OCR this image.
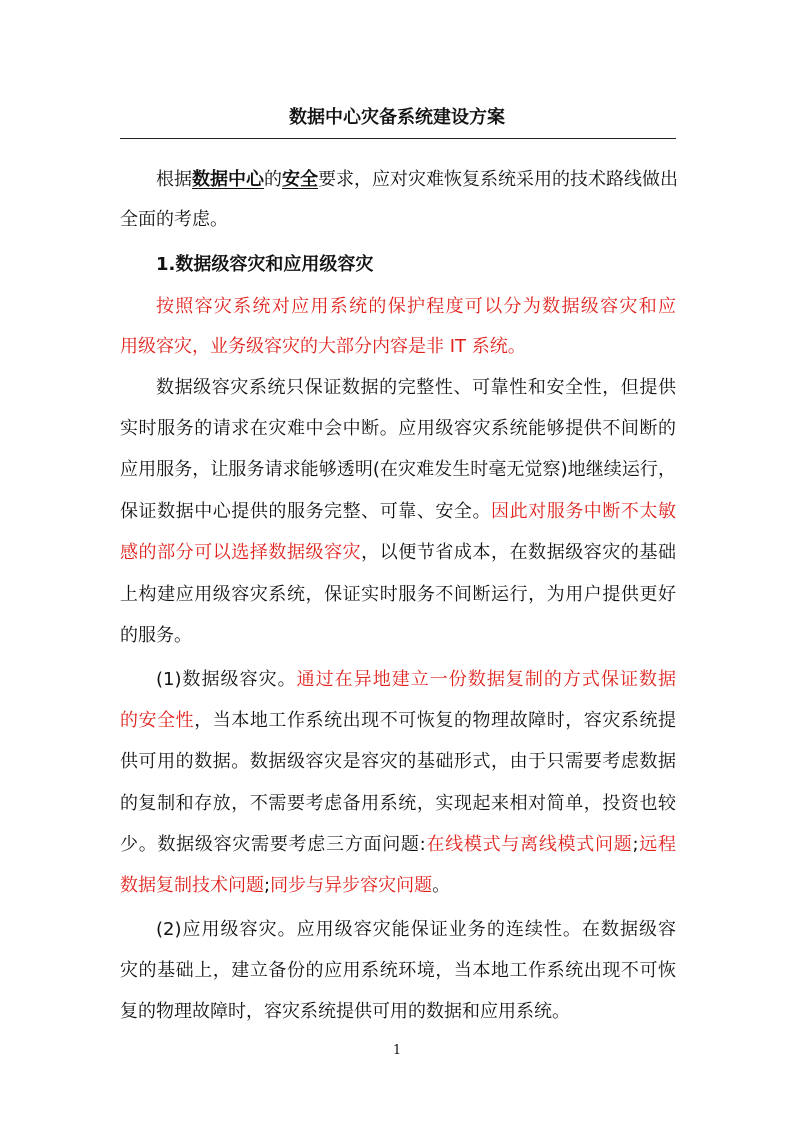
数据中心灾备系统建设方案
根据数据中心的安全要求，应对灾难恢复系统采用的技术路线做出
全面的考虑。
1.数据级容灾和应用级容灾
按照容灾系统对应用系统的保护程度可以分为数据级容灾和应
用级容灾，业务级容灾的大部分内容是非 IT 系统。
数据级容灾系统只保证数据的完整性、可靠性和安全性，但提供
实时服务的请求在灾难中会中断。应用级容灾系统能够提供不间断的
应用服务，让服务请求能够透明(在灾难发生时毫无觉察)地继续运行，
保证数据中心提供的服务完整、可靠、安全。因此对服务中断不太敏
感的部分可以选择数据级容灾，以便节省成本，在数据级容灾的基础
上构建应用级容灾系统，保证实时服务不间断运行，为用户提供更好
的服务。
(1)数据级容灾。通过在异地建立一份数据复制的方式保证数据
的安全性，当本地工作系统出现不可恢复的物理故障时，容灾系统提
供可用的数据。数据级容灾是容灾的基础形式，由于只需要考虑数据
的复制和存放，不需要考虑备用系统，实现起来相对简单，投资也较
少。数据级容灾需要考虑三方面问题:在线模式与离线模式问题;远程
数据复制技术问题;同步与异步容灾问题。
(2)应用级容灾。应用级容灾能保证业务的连续性。在数据级容
灾的基础上，建立备份的应用系统环境，当本地工作系统出现不可恢
复的物理故障时，容灾系统提供可用的数据和应用系统。
1
